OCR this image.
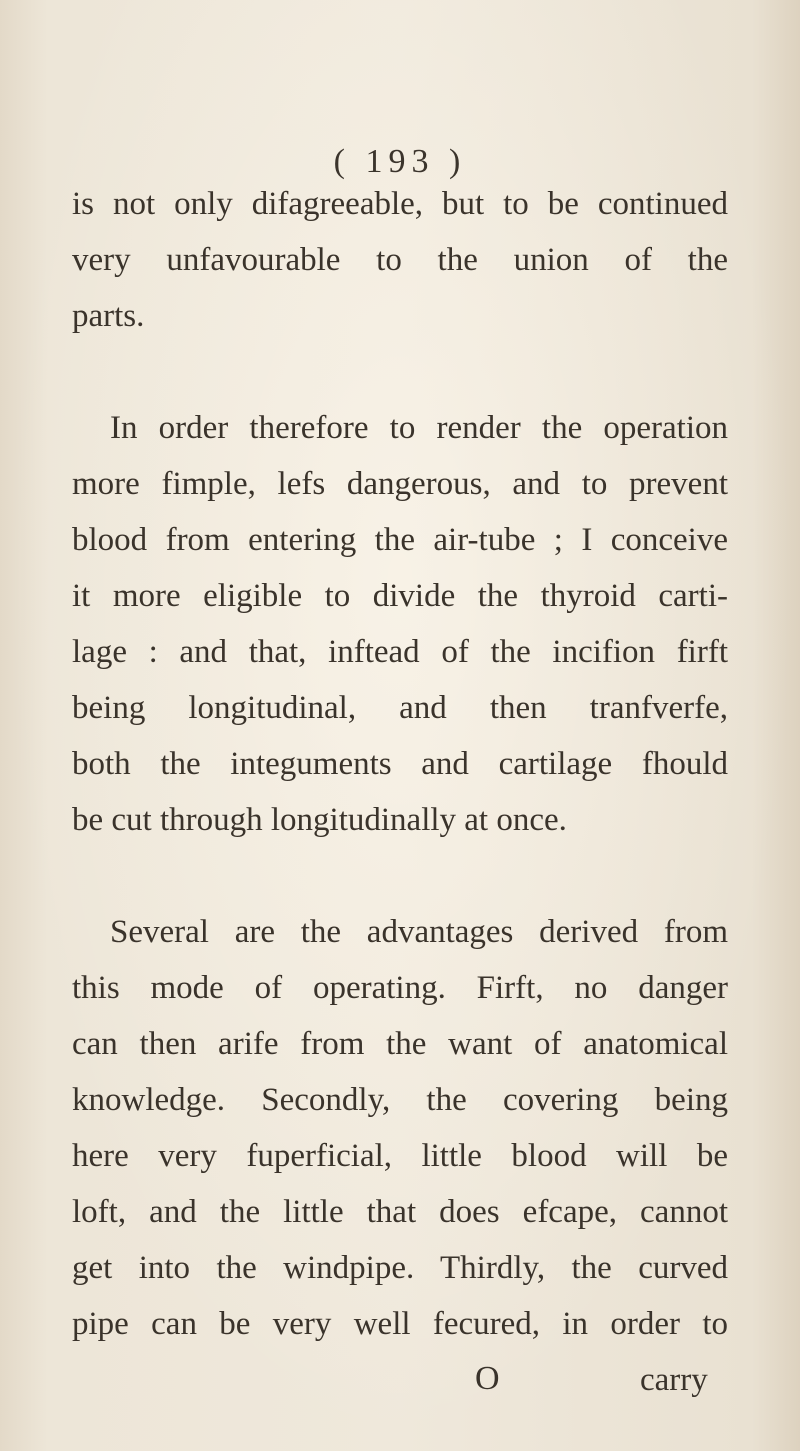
( 193 )
is not only difagreeable, but to be continued
very unfavourable to the union of the
parts.
In order therefore to render the operation
more fimple, lefs dangerous, and to prevent
blood from entering the air-tube ; I conceive
it more eligible to divide the thyroid carti-
lage : and that, inftead of the incifion firft
being longitudinal, and then tranfverfe,
both the integuments and cartilage fhould
be cut through longitudinally at once.
Several are the advantages derived from
this mode of operating. Firft, no danger
can then arife from the want of anatomical
knowledge. Secondly, the covering being
here very fuperficial, little blood will be
loft, and the little that does efcape, cannot
get into the windpipe. Thirdly, the curved
pipe can be very well fecured, in order to
O	carry
